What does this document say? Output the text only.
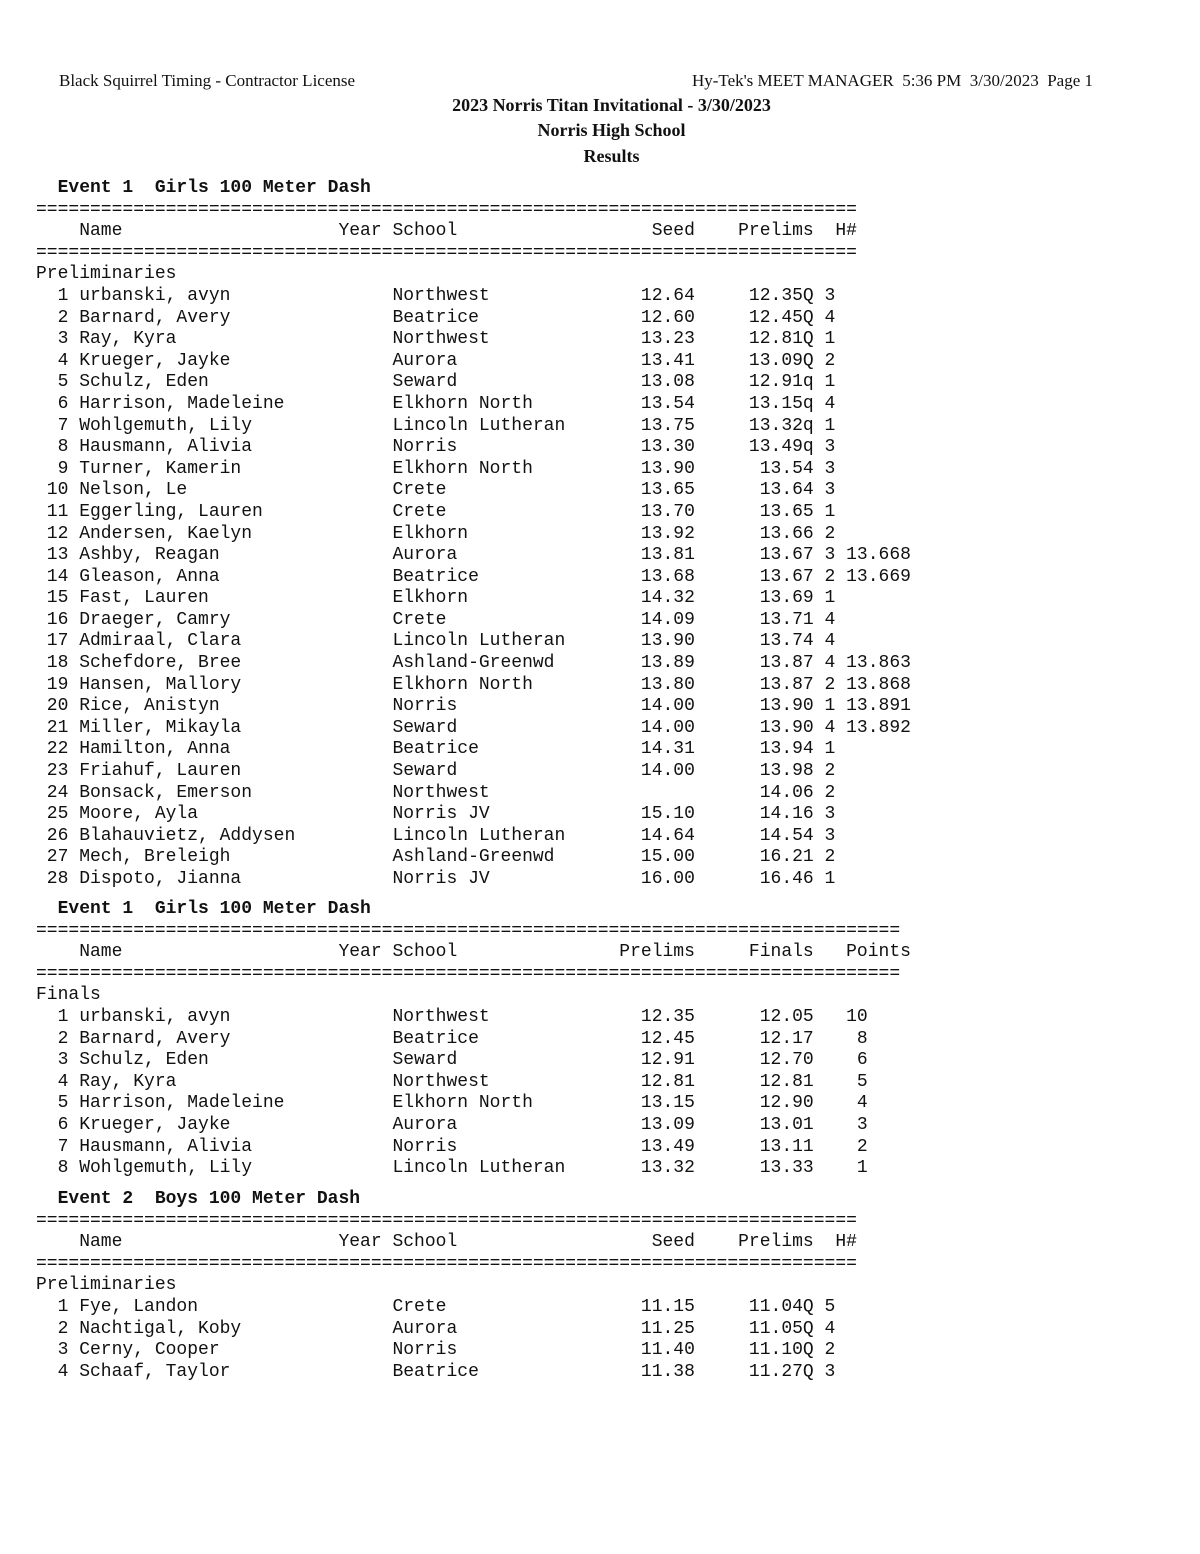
Black Squirrel Timing - Contractor License	Hy-Tek's MEET MANAGER  5:36 PM  3/30/2023  Page 1
2023 Norris Titan Invitational - 3/30/2023
Norris High School
Results
Event 1  Girls 100 Meter Dash
============================================================================
Name                    Year School                  Seed    Prelims  H#
============================================================================
Preliminaries
1 urbanski, avyn               Northwest              12.64     12.35Q 3
2 Barnard, Avery               Beatrice               12.60     12.45Q 4
3 Ray, Kyra                    Northwest              13.23     12.81Q 1
4 Krueger, Jayke               Aurora                 13.41     13.09Q 2
5 Schulz, Eden                 Seward                 13.08     12.91q 1
6 Harrison, Madeleine          Elkhorn North          13.54     13.15q 4
7 Wohlgemuth, Lily             Lincoln Lutheran       13.75     13.32q 1
8 Hausmann, Alivia             Norris                 13.30     13.49q 3
9 Turner, Kamerin              Elkhorn North          13.90      13.54 3
10 Nelson, Le                   Crete                  13.65      13.64 3
11 Eggerling, Lauren            Crete                  13.70      13.65 1
12 Andersen, Kaelyn             Elkhorn                13.92      13.66 2
13 Ashby, Reagan                Aurora                 13.81      13.67 3 13.668
14 Gleason, Anna                Beatrice               13.68      13.67 2 13.669
15 Fast, Lauren                 Elkhorn                14.32      13.69 1
16 Draeger, Camry               Crete                  14.09      13.71 4
17 Admiraal, Clara              Lincoln Lutheran       13.90      13.74 4
18 Schefdore, Bree              Ashland-Greenwd        13.89      13.87 4 13.863
19 Hansen, Mallory              Elkhorn North          13.80      13.87 2 13.868
20 Rice, Anistyn                Norris                 14.00      13.90 1 13.891
21 Miller, Mikayla              Seward                 14.00      13.90 4 13.892
22 Hamilton, Anna               Beatrice               14.31      13.94 1
23 Friahuf, Lauren              Seward                 14.00      13.98 2
24 Bonsack, Emerson             Northwest                         14.06 2
25 Moore, Ayla                  Norris JV              15.10      14.16 3
26 Blahauvietz, Addysen         Lincoln Lutheran       14.64      14.54 3
27 Mech, Breleigh               Ashland-Greenwd        15.00      16.21 2
28 Dispoto, Jianna              Norris JV              16.00      16.46 1
Event 1  Girls 100 Meter Dash
================================================================================
Name                    Year School               Prelims     Finals   Points
================================================================================
Finals
1 urbanski, avyn               Northwest              12.35      12.05   10
2 Barnard, Avery               Beatrice               12.45      12.17    8
3 Schulz, Eden                 Seward                 12.91      12.70    6
4 Ray, Kyra                    Northwest              12.81      12.81    5
5 Harrison, Madeleine          Elkhorn North          13.15      12.90    4
6 Krueger, Jayke               Aurora                 13.09      13.01    3
7 Hausmann, Alivia             Norris                 13.49      13.11    2
8 Wohlgemuth, Lily             Lincoln Lutheran       13.32      13.33    1
Event 2  Boys 100 Meter Dash
============================================================================
Name                    Year School                  Seed    Prelims  H#
============================================================================
Preliminaries
1 Fye, Landon                  Crete                  11.15     11.04Q 5
2 Nachtigal, Koby              Aurora                 11.25     11.05Q 4
3 Cerny, Cooper                Norris                 11.40     11.10Q 2
4 Schaaf, Taylor               Beatrice               11.38     11.27Q 3
